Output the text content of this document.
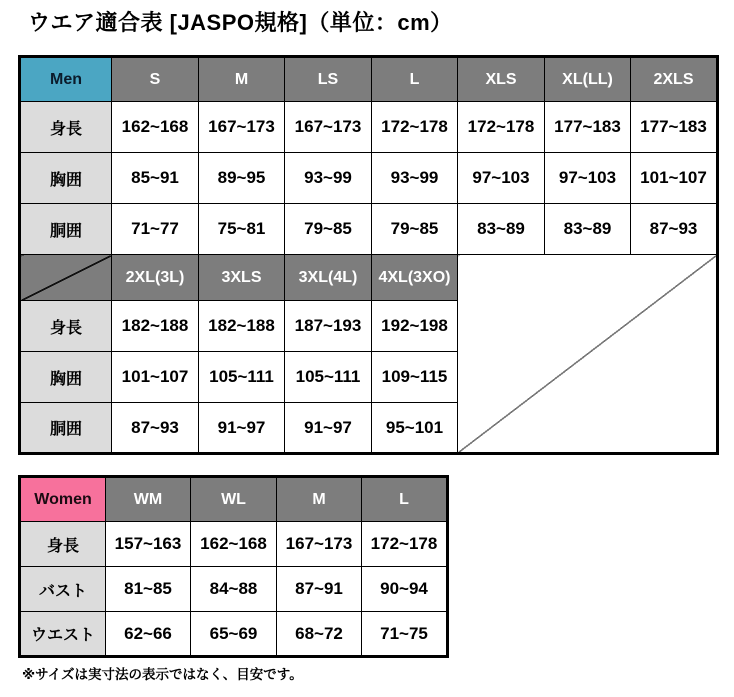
ウエア適合表 [JASPO規格]（単位：cm）
Men	S	M	LS	L	XLS	XL(LL)	2XLS
身長	162~168	167~173	167~173	172~178	172~178	177~183	177~183
胸囲	85~91	89~95	93~99	93~99	97~103	97~103	101~107
胴囲	71~77	75~81	79~85	79~85	83~89	83~89	87~93
	2XL(3L)	3XLS	3XL(4L)	4XL(3XO)			
身長	182~188	182~188	187~193	192~198			
胸囲	101~107	105~111	105~111	109~115			
胴囲	87~93	91~97	91~97	95~101			
Women	WM	WL	M	L
身長	157~163	162~168	167~173	172~178
バスト	81~85	84~88	87~91	90~94
ウエスト	62~66	65~69	68~72	71~75
※サイズは実寸法の表示ではなく、目安です。
